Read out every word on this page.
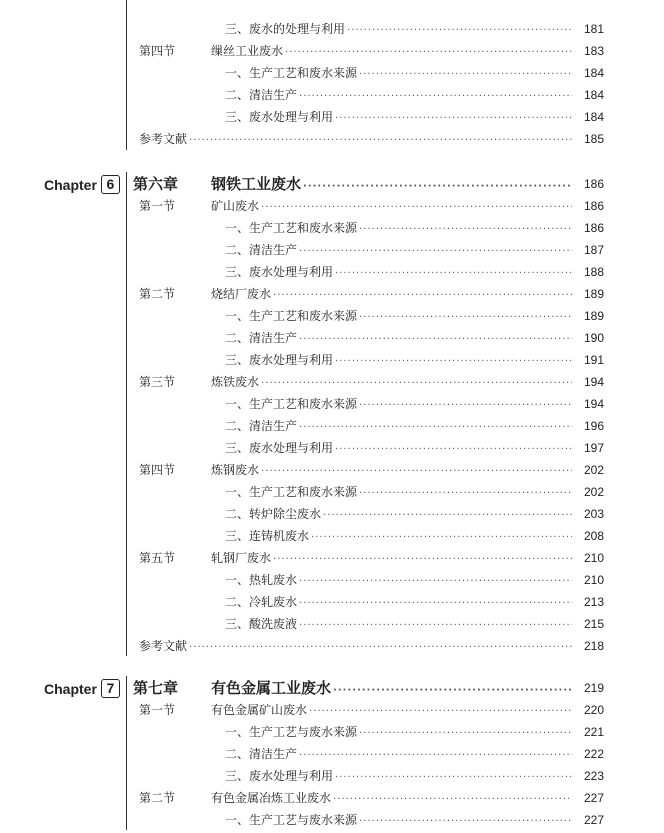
三、废水的处理与利用 ·····	181
第四节	缫丝工业废水 ·····	183
一、生产工艺和废水来源 ·····	184
二、清洁生产 ·····	184
三、废水处理与利用 ·····	184
参考文献 ·····	185
Chapter 6	第六章 钢铁工业废水 ·····	186
第一节	矿山废水 ·····	186
一、生产工艺和废水来源 ·····	186
二、清洁生产 ·····	187
三、废水处理与利用 ·····	188
第二节	烧结厂废水 ·····	189
一、生产工艺和废水来源 ·····	189
二、清洁生产 ·····	190
三、废水处理与利用 ·····	191
第三节	炼铁废水 ·····	194
一、生产工艺和废水来源 ·····	194
二、清洁生产 ·····	196
三、废水处理与利用 ·····	197
第四节	炼钢废水 ·····	202
一、生产工艺和废水来源 ·····	202
二、转炉除尘废水 ·····	203
三、连铸机废水 ·····	208
第五节	轧钢厂废水 ·····	210
一、热轧废水 ·····	210
二、冷轧废水 ·····	213
三、酸洗废液 ·····	215
参考文献 ·····	218
Chapter 7	第七章 有色金属工业废水 ·····	219
第一节	有色金属矿山废水 ·····	220
一、生产工艺与废水来源 ·····	221
二、清洁生产 ·····	222
三、废水处理与利用 ·····	223
第二节	有色金属冶炼工业废水 ·····	227
一、生产工艺与废水来源 ·····	227
